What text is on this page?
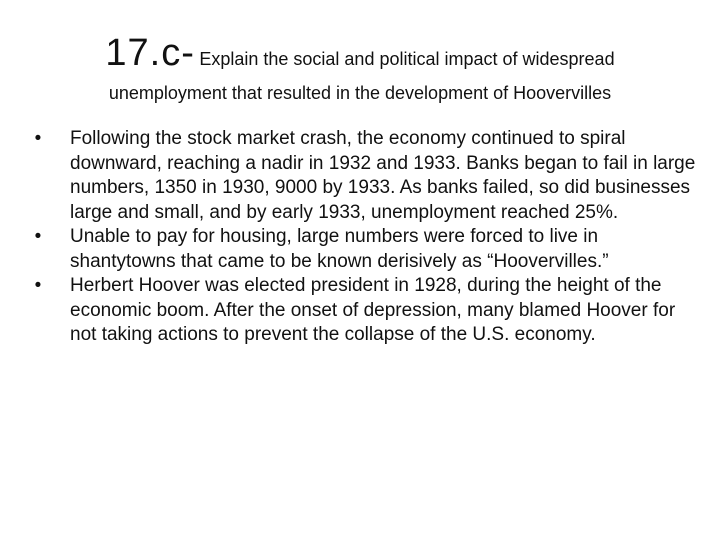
17.c- Explain the social and political impact of widespread
unemployment that resulted in the development of Hoovervilles
•	Following the stock market crash, the economy continued to spiral downward, reaching a nadir in 1932 and 1933. Banks began to fail in large numbers, 1350 in 1930, 9000 by 1933. As banks failed, so did businesses large and small, and by early 1933, unemployment reached 25%.
•	Unable to pay for housing, large numbers were forced to live in shantytowns that came to be known derisively as “Hoovervilles.”
•	Herbert Hoover was elected president in 1928, during the height of the economic boom. After the onset of depression, many blamed Hoover for not taking actions to prevent the collapse of the U.S. economy.
